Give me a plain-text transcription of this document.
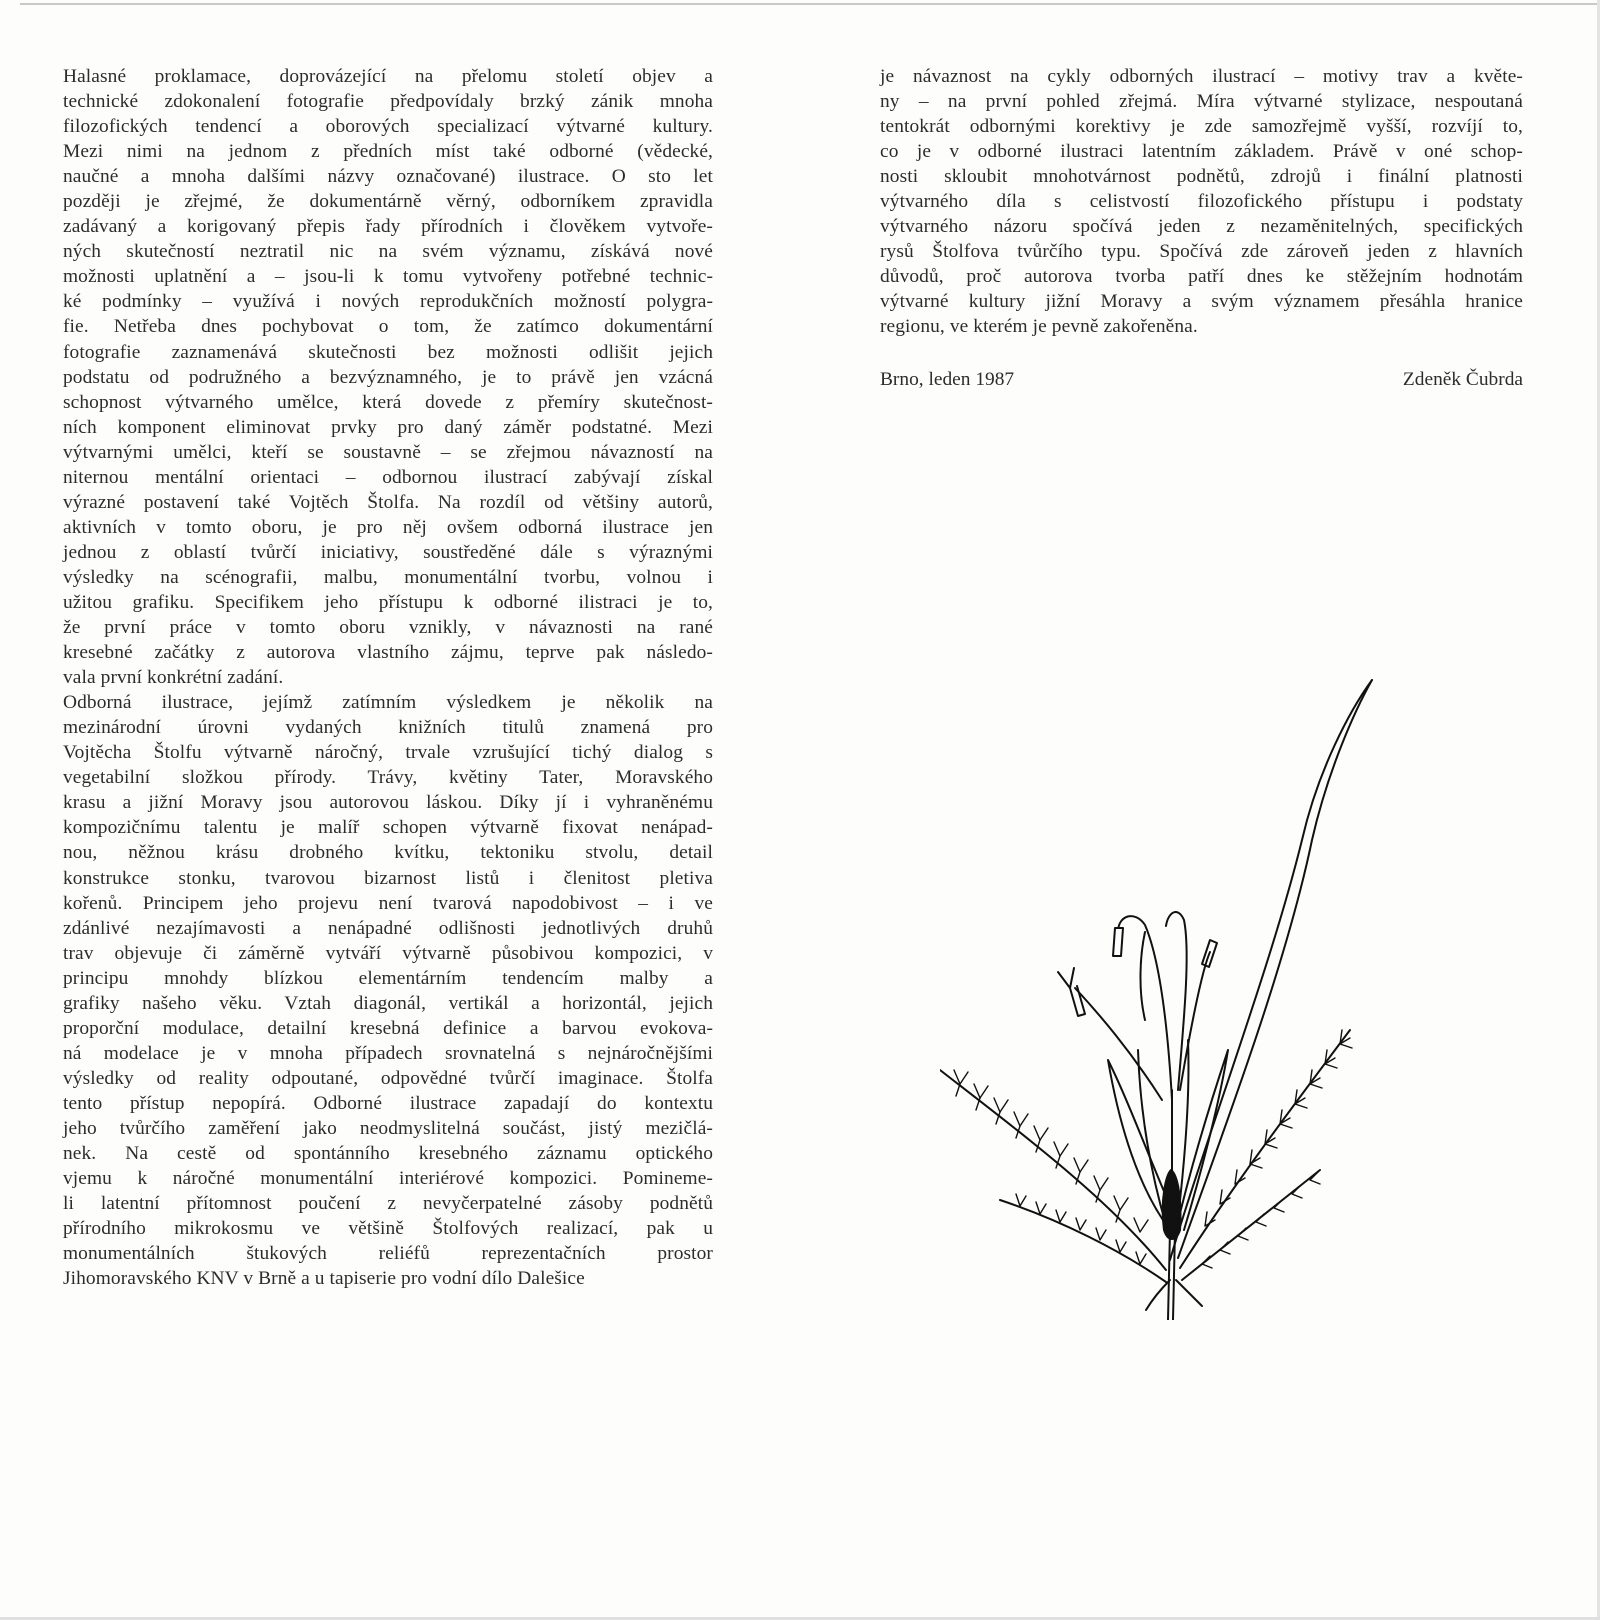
Halasné proklamace, doprovázející na přelomu století objev a
technické zdokonalení fotografie předpovídaly brzký zánik mnoha
filozofických tendencí a oborových specializací výtvarné kultury.
Mezi nimi na jednom z předních míst také odborné (vědecké,
naučné a mnoha dalšími názvy označované) ilustrace. O sto let
později je zřejmé, že dokumentárně věrný, odborníkem zpravidla
zadávaný a korigovaný přepis řady přírodních i člověkem vytvoře-
ných skutečností neztratil nic na svém významu, získává nové
možnosti uplatnění a – jsou-li k tomu vytvořeny potřebné technic-
ké podmínky – využívá i nových reprodukčních možností polygra-
fie. Netřeba dnes pochybovat o tom, že zatímco dokumentární
fotografie zaznamenává skutečnosti bez možnosti odlišit jejich
podstatu od podružného a bezvýznamného, je to právě jen vzácná
schopnost výtvarného umělce, která dovede z přemíry skutečnost-
ních komponent eliminovat prvky pro daný záměr podstatné. Mezi
výtvarnými umělci, kteří se soustavně – se zřejmou návazností na
niternou mentální orientaci – odbornou ilustrací zabývají získal
výrazné postavení také Vojtěch Štolfa. Na rozdíl od většiny autorů,
aktivních v tomto oboru, je pro něj ovšem odborná ilustrace jen
jednou z oblastí tvůrčí iniciativy, soustředěné dále s výraznými
výsledky na scénografii, malbu, monumentální tvorbu, volnou i
užitou grafiku. Specifikem jeho přístupu k odborné ilistraci je to,
že první práce v tomto oboru vznikly, v návaznosti na rané
kresebné začátky z autorova vlastního zájmu, teprve pak následo-
vala první konkrétní zadání.
Odborná ilustrace, jejímž zatímním výsledkem je několik na
mezinárodní úrovni vydaných knižních titulů znamená pro
Vojtěcha Štolfu výtvarně náročný, trvale vzrušující tichý dialog s
vegetabilní složkou přírody. Trávy, květiny Tater, Moravského
krasu a jižní Moravy jsou autorovou láskou. Díky jí i vyhraněnému
kompozičnímu talentu je malíř schopen výtvarně fixovat nenápad-
nou, něžnou krásu drobného kvítku, tektoniku stvolu, detail
konstrukce stonku, tvarovou bizarnost listů i členitost pletiva
kořenů. Principem jeho projevu není tvarová napodobivost – i ve
zdánlivé nezajímavosti a nenápadné odlišnosti jednotlivých druhů
trav objevuje či záměrně vytváří výtvarně působivou kompozici, v
principu mnohdy blízkou elementárním tendencím malby a
grafiky našeho věku. Vztah diagonál, vertikál a horizontál, jejich
proporční modulace, detailní kresebná definice a barvou evokova-
ná modelace je v mnoha případech srovnatelná s nejnáročnějšími
výsledky od reality odpoutané, odpovědné tvůrčí imaginace. Štolfa
tento přístup nepopírá. Odborné ilustrace zapadají do kontextu
jeho tvůrčího zaměření jako neodmyslitelná součást, jistý mezičlá-
nek. Na cestě od spontánního kresebného záznamu optického
vjemu k náročné monumentální interiérové kompozici. Pomineme-
li latentní přítomnost poučení z nevyčerpatelné zásoby podnětů
přírodního mikrokosmu ve většině Štolfových realizací, pak u
monumentálních štukových reliéfů reprezentačních prostor
Jihomoravského KNV v Brně a u tapiserie pro vodní dílo Dalešice
je návaznost na cykly odborných ilustrací – motivy trav a květe-
ny – na první pohled zřejmá. Míra výtvarné stylizace, nespoutaná
tentokrát odbornými korektivy je zde samozřejmě vyšší, rozvíjí to,
co je v odborné ilustraci latentním základem. Právě v oné schop-
nosti skloubit mnohotvárnost podnětů, zdrojů i finální platnosti
výtvarného díla s celistvostí filozofického přístupu i podstaty
výtvarného názoru spočívá jeden z nezaměnitelných, specifických
rysů Štolfova tvůrčího typu. Spočívá zde zároveň jeden z hlavních
důvodů, proč autorova tvorba patří dnes ke stěžejním hodnotám
výtvarné kultury jižní Moravy a svým významem přesáhla hranice
regionu, ve kterém je pevně zakořeněna.
Brno, leden 1987	Zdeněk Čubrda
